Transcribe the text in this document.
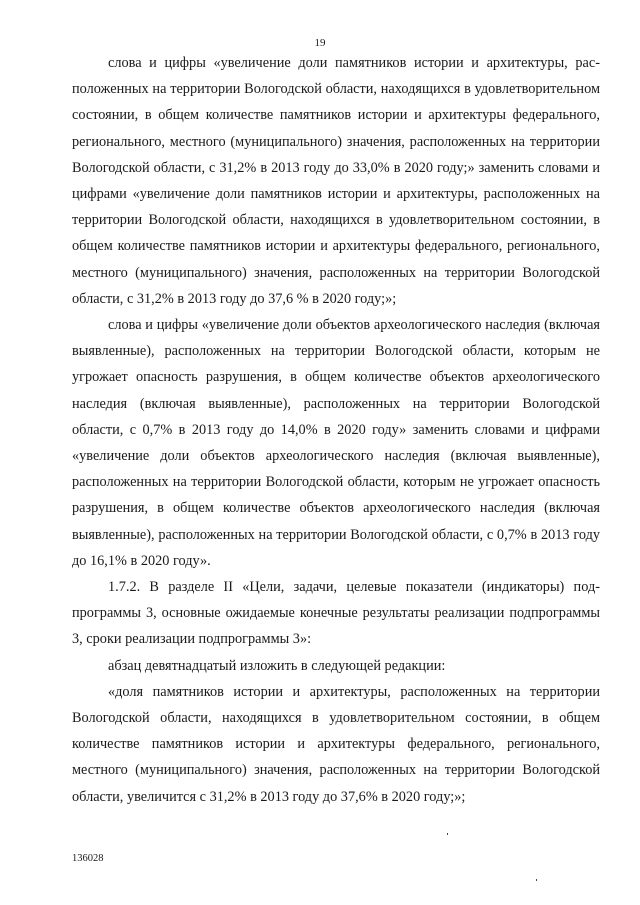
19

слова и цифры «увеличение доли памятников истории и архитектуры, расположенных на территории Вологодской области, находящихся в удовлетворительном состоянии, в общем количестве памятников истории и архитектуры федерального, регионального, местного (муниципального) значения, расположенных на территории Вологодской области, с 31,2% в 2013 году до 33,0% в 2020 году;» заменить словами и цифрами «увеличение доли памятников истории и архитектуры, расположенных на территории Вологодской области, находящихся в удовлетворительном состоянии, в общем количестве памятников истории и архитектуры федерального, регионального, местного (муниципального) значения, расположенных на территории Вологодской области, с 31,2% в 2013 году до 37,6 % в 2020 году;»;

слова и цифры «увеличение доли объектов археологического наследия (включая выявленные), расположенных на территории Вологодской области, которым не угрожает опасность разрушения, в общем количестве объектов археологического наследия (включая выявленные), расположенных на территории Вологодской области, с 0,7% в 2013 году до 14,0% в 2020 году» заменить словами и цифрами «увеличение доли объектов археологического наследия (включая выявленные), расположенных на территории Вологодской области, которым не угрожает опасность разрушения, в общем количестве объектов археологического наследия (включая выявленные), расположенных на территории Вологодской области, с 0,7% в 2013 году до 16,1% в 2020 году».

1.7.2. В разделе II «Цели, задачи, целевые показатели (индикаторы) подпрограммы 3, основные ожидаемые конечные результаты реализации подпрограммы 3, сроки реализации подпрограммы 3»:

абзац девятнадцатый изложить в следующей редакции:

«доля памятников истории и архитектуры, расположенных на территории Вологодской области, находящихся в удовлетворительном состоянии, в общем количестве памятников истории и архитектуры федерального, регионального, местного (муниципального) значения, расположенных на территории Вологодской области, увеличится с 31,2% в 2013 году до 37,6% в 2020 году;»;

136028
